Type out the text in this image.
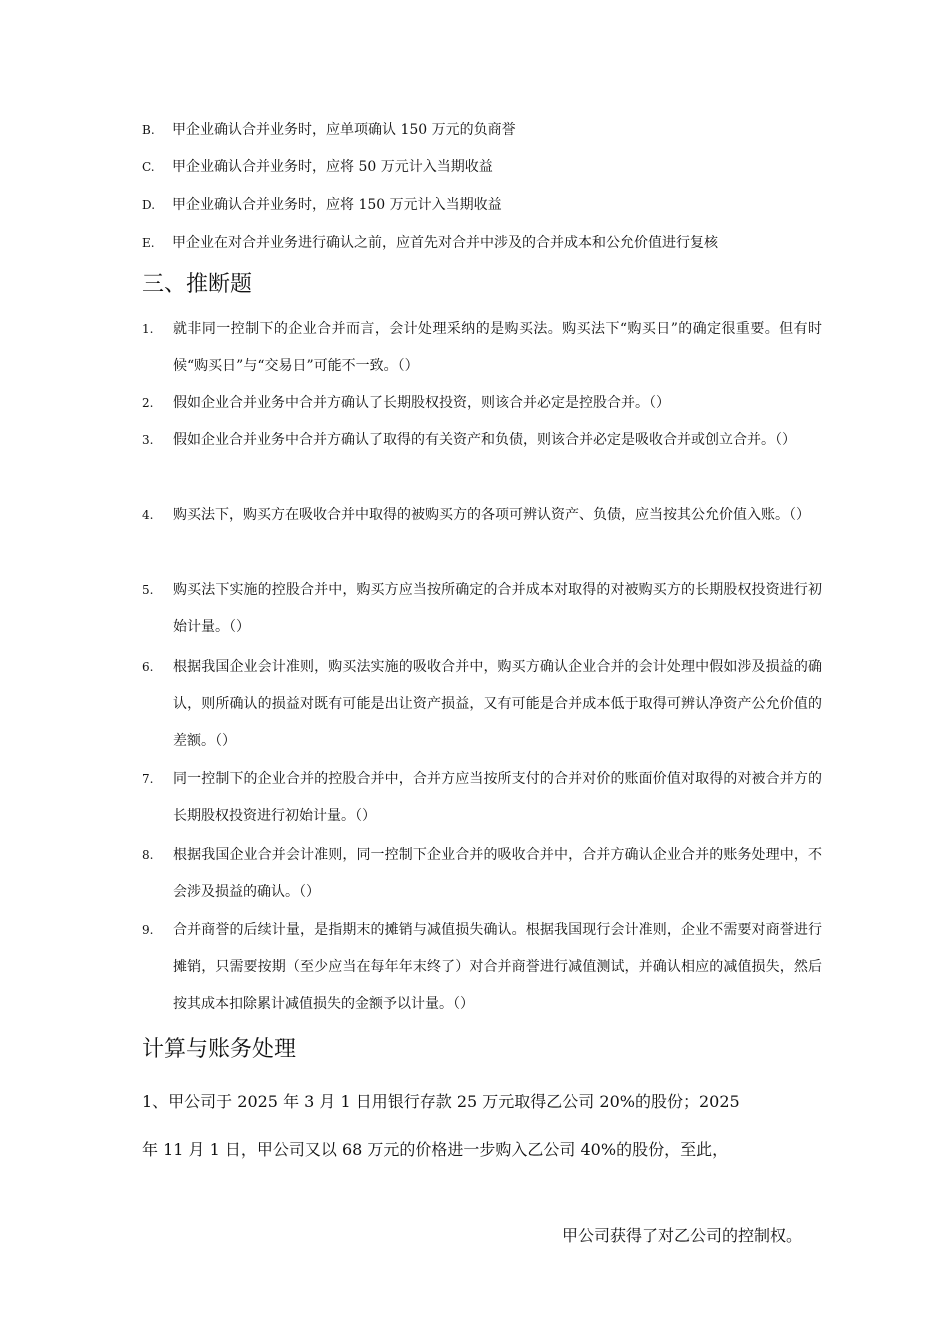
B. 甲企业确认合并业务时，应单项确认 150 万元的负商誉
C. 甲企业确认合并业务时，应将 50 万元计入当期收益
D. 甲企业确认合并业务时，应将 150 万元计入当期收益
E. 甲企业在对合并业务进行确认之前，应首先对合并中涉及的合并成本和公允价值进行复核
三、推断题
1. 就非同一控制下的企业合并而言，会计处理采纳的是购买法。购买法下“购买日”的确定很重要。但有时候“购买日”与“交易日”可能不一致。（）
2. 假如企业合并业务中合并方确认了长期股权投资，则该合并必定是控股合并。（）
3. 假如企业合并业务中合并方确认了取得的有关资产和负债，则该合并必定是吸收合并或创立合并。（）
4. 购买法下，购买方在吸收合并中取得的被购买方的各项可辨认资产、负债，应当按其公允价值入账。（）
5. 购买法下实施的控股合并中，购买方应当按所确定的合并成本对取得的对被购买方的长期股权投资进行初始计量。（）
6. 根据我国企业会计准则，购买法实施的吸收合并中，购买方确认企业合并的会计处理中假如涉及损益的确认，则所确认的损益对既有可能是出让资产损益，又有可能是合并成本低于取得可辨认净资产公允价值的差额。（）
7. 同一控制下的企业合并的控股合并中，合并方应当按所支付的合并对价的账面价值对取得的对被合并方的长期股权投资进行初始计量。（）
8. 根据我国企业合并会计准则，同一控制下企业合并的吸收合并中，合并方确认企业合并的账务处理中，不会涉及损益的确认。（）
9. 合并商誉的后续计量，是指期末的摊销与减值损失确认。根据我国现行会计准则，企业不需要对商誉进行摊销，只需要按期（至少应当在每年年末终了）对合并商誉进行减值测试，并确认相应的减值损失，然后按其成本扣除累计减值损失的金额予以计量。（）
计算与账务处理
1、甲公司于 2025 年 3 月 1 日用银行存款 25 万元取得乙公司 20%的股份；2025
年 11 月 1 日，甲公司又以 68 万元的价格进一步购入乙公司 40%的股份，至此，
甲公司获得了对乙公司的控制权。
